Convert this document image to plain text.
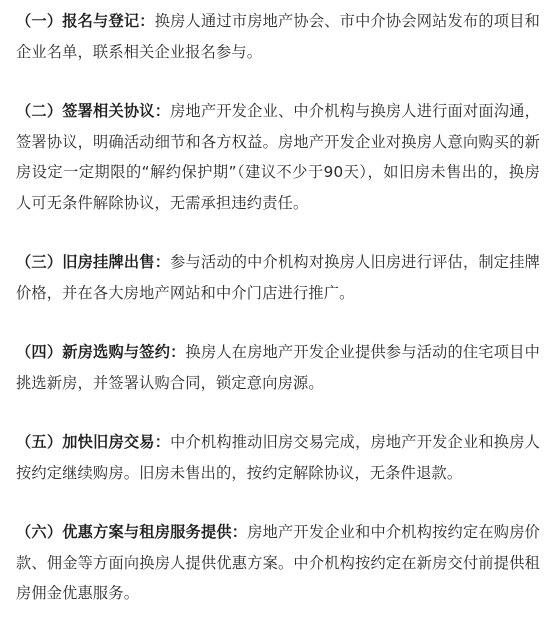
（一）报名与登记：换房人通过市房地产协会、市中介协会网站发布的项目和企业名单，联系相关企业报名参与。

（二）签署相关协议：房地产开发企业、中介机构与换房人进行面对面沟通，签署协议，明确活动细节和各方权益。房地产开发企业对换房人意向购买的新房设定一定期限的“解约保护期”（建议不少于90天），如旧房未售出的，换房人可无条件解除协议，无需承担违约责任。

（三）旧房挂牌出售：参与活动的中介机构对换房人旧房进行评估，制定挂牌价格，并在各大房地产网站和中介门店进行推广。

（四）新房选购与签约：换房人在房地产开发企业提供参与活动的住宅项目中挑选新房，并签署认购合同，锁定意向房源。

（五）加快旧房交易：中介机构推动旧房交易完成，房地产开发企业和换房人按约定继续购房。旧房未售出的，按约定解除协议，无条件退款。

（六）优惠方案与租房服务提供：房地产开发企业和中介机构按约定在购房价款、佣金等方面向换房人提供优惠方案。中介机构按约定在新房交付前提供租房佣金优惠服务。
